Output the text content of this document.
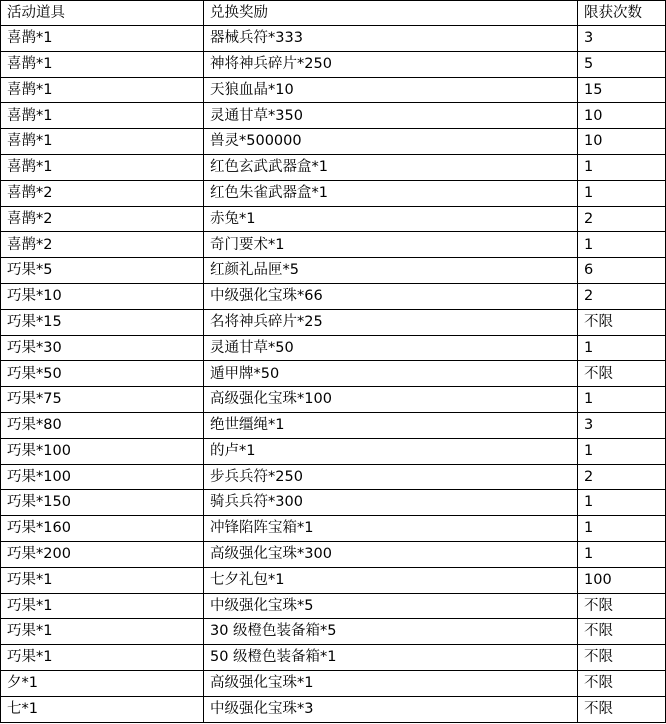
活动道具	兑换奖励	限获次数
喜鹊*1	器械兵符*333	3
喜鹊*1	神将神兵碎片*250	5
喜鹊*1	天狼血晶*10	15
喜鹊*1	灵通甘草*350	10
喜鹊*1	兽灵*500000	10
喜鹊*1	红色玄武武器盒*1	1
喜鹊*2	红色朱雀武器盒*1	1
喜鹊*2	赤兔*1	2
喜鹊*2	奇门要术*1	1
巧果*5	红颜礼品匣*5	6
巧果*10	中级强化宝珠*66	2
巧果*15	名将神兵碎片*25	不限
巧果*30	灵通甘草*50	1
巧果*50	遁甲牌*50	不限
巧果*75	高级强化宝珠*100	1
巧果*80	绝世缰绳*1	3
巧果*100	的卢*1	1
巧果*100	步兵兵符*250	2
巧果*150	骑兵兵符*300	1
巧果*160	冲锋陷阵宝箱*1	1
巧果*200	高级强化宝珠*300	1
巧果*1	七夕礼包*1	100
巧果*1	中级强化宝珠*5	不限
巧果*1	30 级橙色装备箱*5	不限
巧果*1	50 级橙色装备箱*1	不限
夕*1	高级强化宝珠*1	不限
七*1	中级强化宝珠*3	不限
